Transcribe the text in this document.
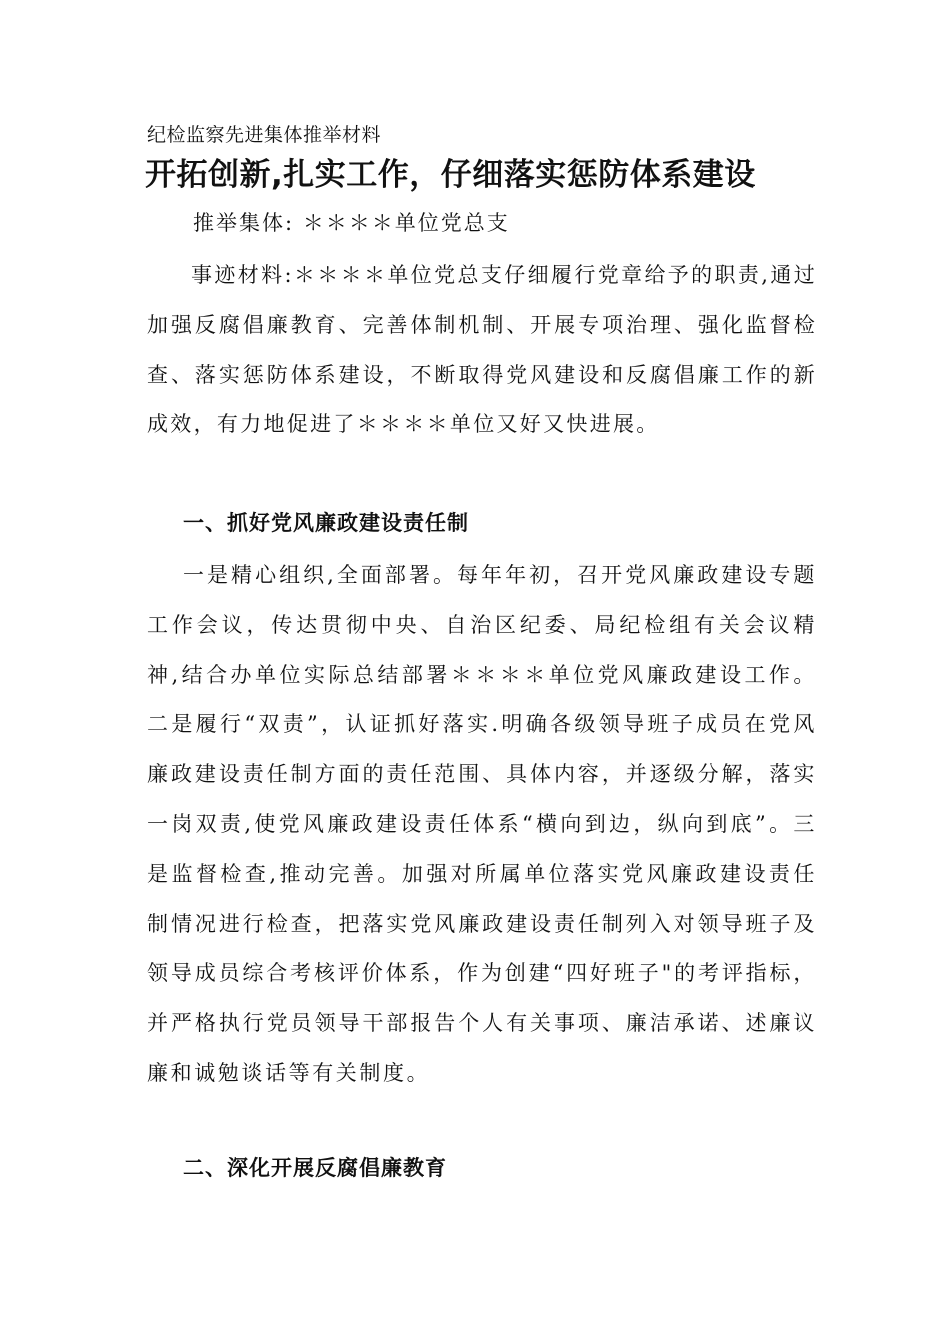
纪检监察先进集体推举材料
开拓创新,扎实工作，仔细落实惩防体系建设
推举集体: ＊＊＊＊单位党总支

事迹材料:＊＊＊＊单位党总支仔细履行党章给予的职责,通过加强反腐倡廉教育、完善体制机制、开展专项治理、强化监督检查、落实惩防体系建设，不断取得党风建设和反腐倡廉工作的新成效，有力地促进了＊＊＊＊单位又好又快进展。

一、抓好党风廉政建设责任制

一是精心组织,全面部署。每年年初，召开党风廉政建设专题工作会议，传达贯彻中央、自治区纪委、局纪检组有关会议精神,结合办单位实际总结部署＊＊＊＊单位党风廉政建设工作。二是履行“双责”，认证抓好落实.明确各级领导班子成员在党风廉政建设责任制方面的责任范围、具体内容，并逐级分解，落实一岗双责,使党风廉政建设责任体系“横向到边，纵向到底”。三是监督检查,推动完善。加强对所属单位落实党风廉政建设责任制情况进行检查，把落实党风廉政建设责任制列入对领导班子及领导成员综合考核评价体系，作为创建“四好班子"的考评指标，并严格执行党员领导干部报告个人有关事项、廉洁承诺、述廉议廉和诚勉谈话等有关制度。

二、深化开展反腐倡廉教育
